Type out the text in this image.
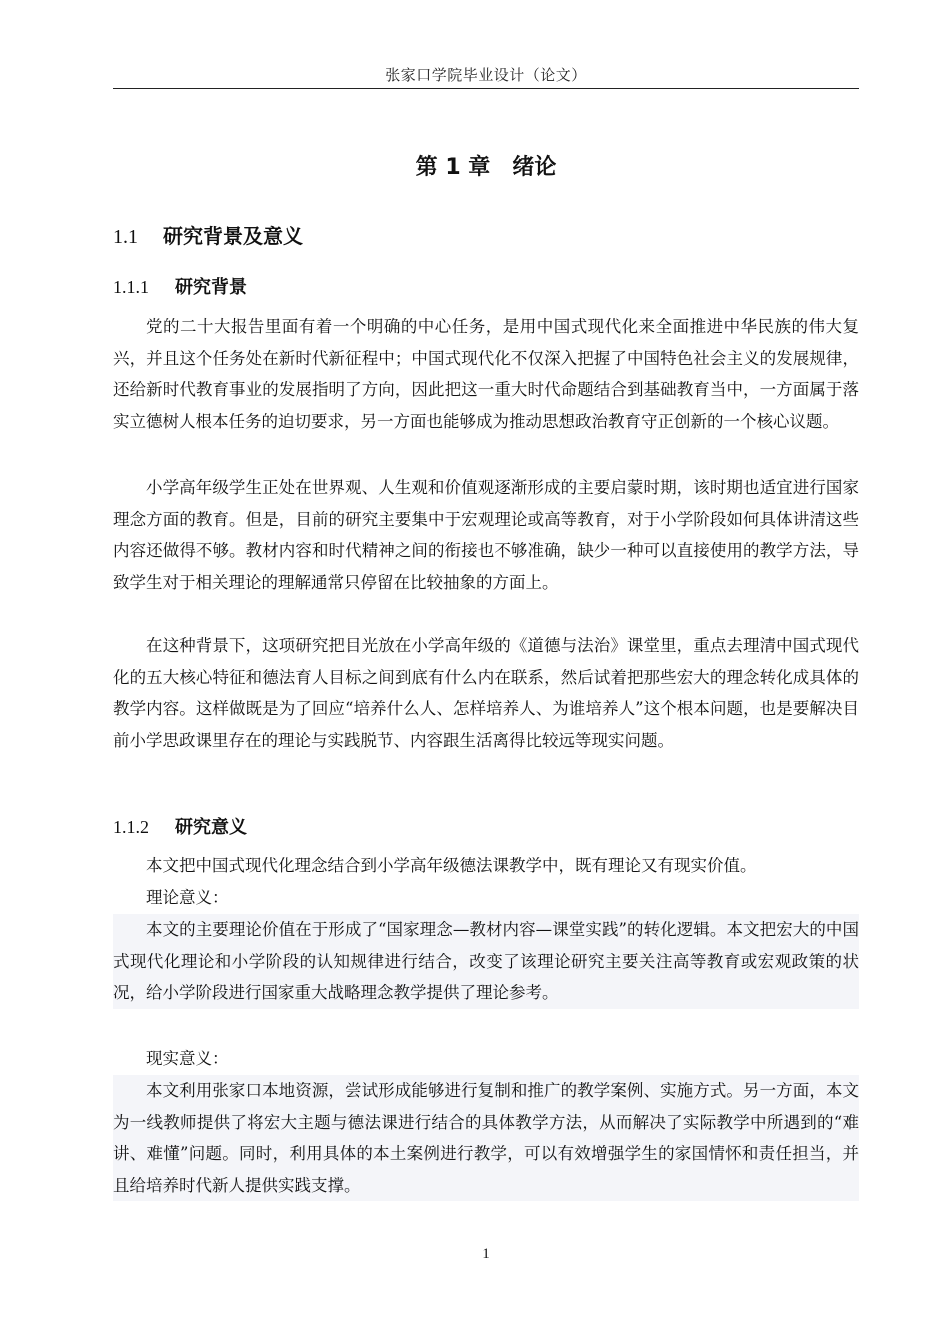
张家口学院毕业设计（论文）
第 1 章 绪论
1.1 研究背景及意义
1.1.1 研究背景

党的二十大报告里面有着一个明确的中心任务，是用中国式现代化来全面推进中华民族的伟大复兴，并且这个任务处在新时代新征程中；中国式现代化不仅深入把握了中国特色社会主义的发展规律，还给新时代教育事业的发展指明了方向，因此把这一重大时代命题结合到基础教育当中，一方面属于落实立德树人根本任务的迫切要求，另一方面也能够成为推动思想政治教育守正创新的一个核心议题。

小学高年级学生正处在世界观、人生观和价值观逐渐形成的主要启蒙时期，该时期也适宜进行国家理念方面的教育。但是，目前的研究主要集中于宏观理论或高等教育，对于小学阶段如何具体讲清这些内容还做得不够。教材内容和时代精神之间的衔接也不够准确，缺少一种可以直接使用的教学方法，导致学生对于相关理论的理解通常只停留在比较抽象的方面上。

在这种背景下，这项研究把目光放在小学高年级的《道德与法治》课堂里，重点去理清中国式现代化的五大核心特征和德法育人目标之间到底有什么内在联系，然后试着把那些宏大的理念转化成具体的教学内容。这样做既是为了回应“培养什么人、怎样培养人、为谁培养人”这个根本问题，也是要解决目前小学思政课里存在的理论与实践脱节、内容跟生活离得比较远等现实问题。

1.1.2 研究意义

本文把中国式现代化理念结合到小学高年级德法课教学中，既有理论又有现实价值。

理论意义：

本文的主要理论价值在于形成了“国家理念—教材内容—课堂实践”的转化逻辑。本文把宏大的中国式现代化理论和小学阶段的认知规律进行结合，改变了该理论研究主要关注高等教育或宏观政策的状况，给小学阶段进行国家重大战略理念教学提供了理论参考。

现实意义：

本文利用张家口本地资源，尝试形成能够进行复制和推广的教学案例、实施方式。另一方面，本文为一线教师提供了将宏大主题与德法课进行结合的具体教学方法，从而解决了实际教学中所遇到的“难讲、难懂”问题。同时，利用具体的本土案例进行教学，可以有效增强学生的家国情怀和责任担当，并且给培养时代新人提供实践支撑。

1
